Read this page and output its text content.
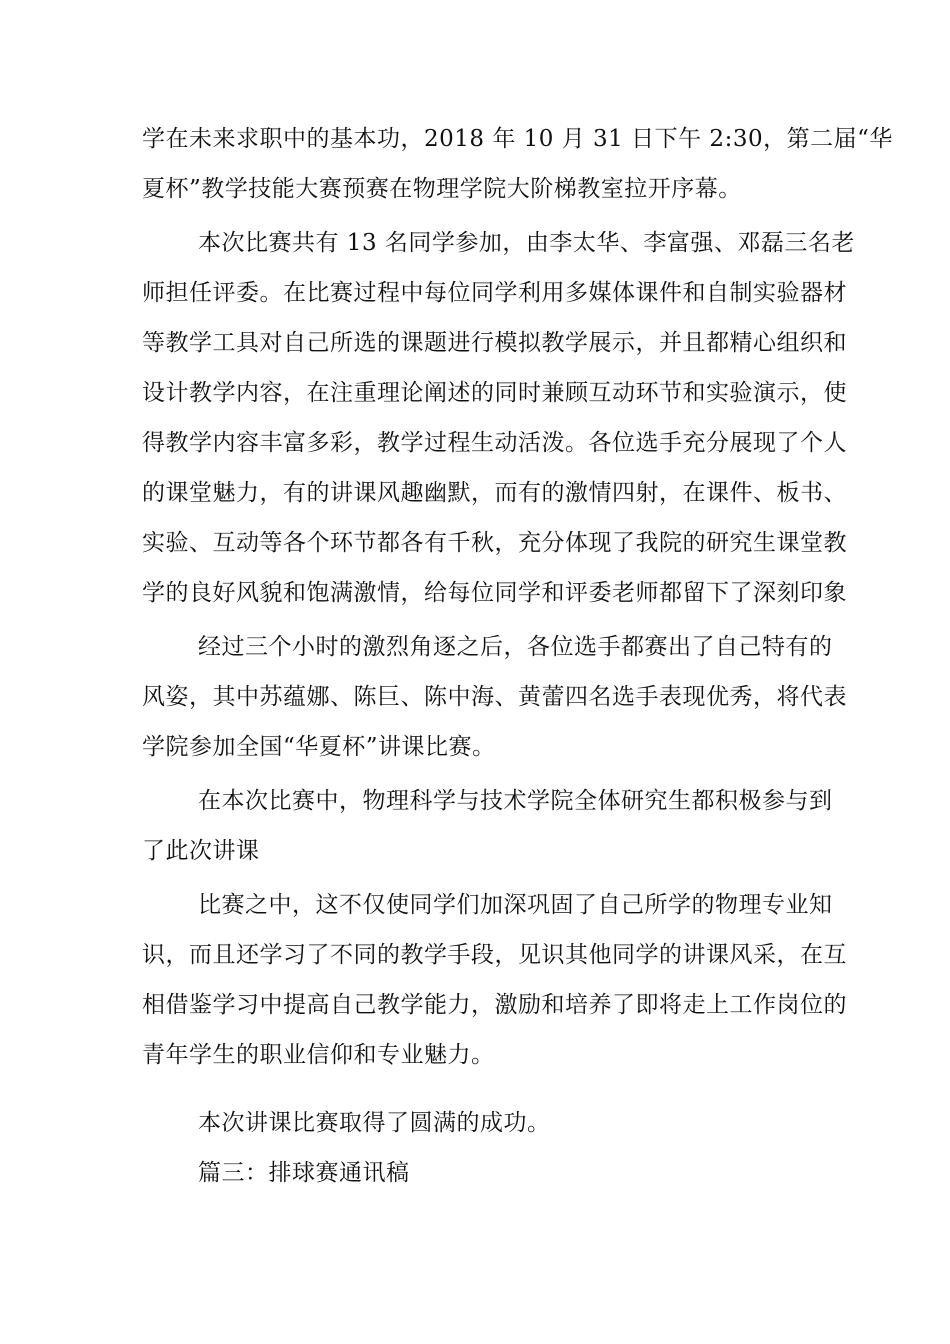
学在未来求职中的基本功，2018 年 10 月 31 日下午 2:30，第二届“华
夏杯”教学技能大赛预赛在物理学院大阶梯教室拉开序幕。
本次比赛共有 13 名同学参加，由李太华、李富强、邓磊三名老
师担任评委。在比赛过程中每位同学利用多媒体课件和自制实验器材
等教学工具对自己所选的课题进行模拟教学展示，并且都精心组织和
设计教学内容，在注重理论阐述的同时兼顾互动环节和实验演示，使
得教学内容丰富多彩，教学过程生动活泼。各位选手充分展现了个人
的课堂魅力，有的讲课风趣幽默，而有的激情四射，在课件、板书、
实验、互动等各个环节都各有千秋，充分体现了我院的研究生课堂教
学的良好风貌和饱满激情，给每位同学和评委老师都留下了深刻印象
经过三个小时的激烈角逐之后，各位选手都赛出了自己特有的
风姿，其中苏蕴娜、陈巨、陈中海、黄蕾四名选手表现优秀，将代表
学院参加全国“华夏杯”讲课比赛。
在本次比赛中，物理科学与技术学院全体研究生都积极参与到
了此次讲课
比赛之中，这不仅使同学们加深巩固了自己所学的物理专业知
识，而且还学习了不同的教学手段，见识其他同学的讲课风采，在互
相借鉴学习中提高自己教学能力，激励和培养了即将走上工作岗位的
青年学生的职业信仰和专业魅力。
本次讲课比赛取得了圆满的成功。
篇三：排球赛通讯稿
